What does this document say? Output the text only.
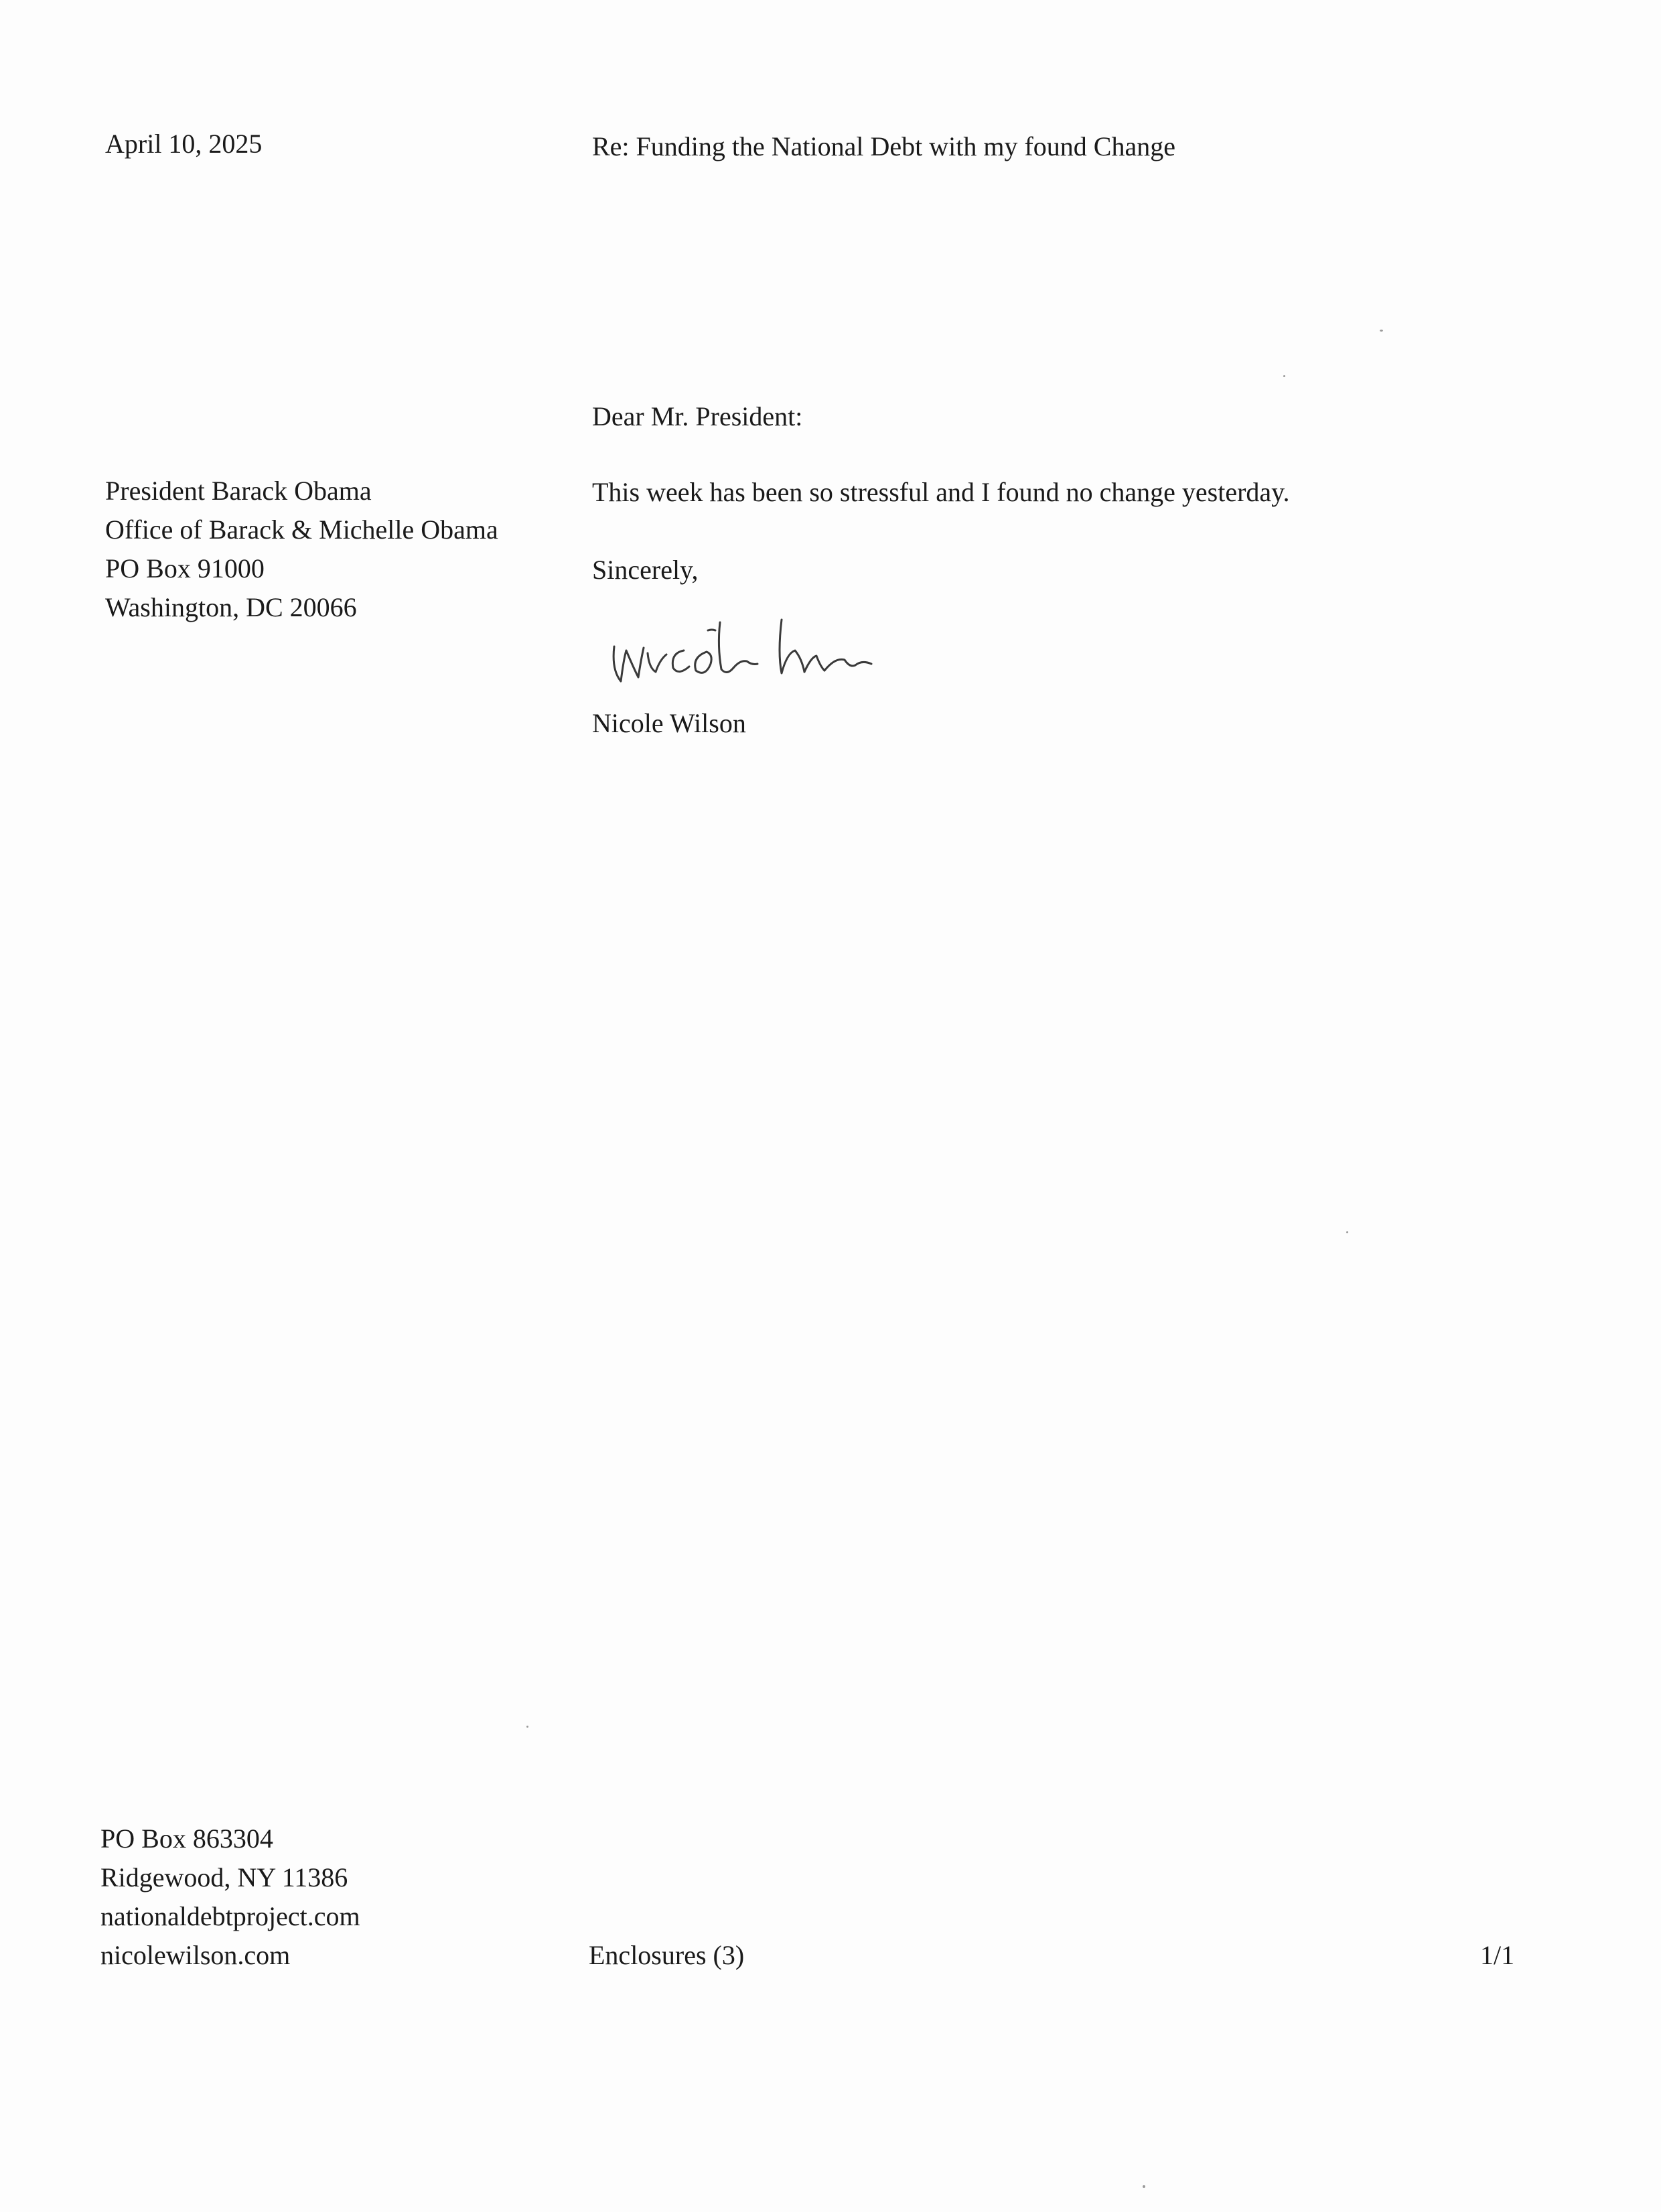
April 10, 2025	Re: Funding the National Debt with my found Change
Dear Mr. President:
President Barack Obama
Office of Barack & Michelle Obama
PO Box 91000
Washington, DC 20066
This week has been so stressful and I found no change yesterday.
Sincerely,
Nicole Wilson
PO Box 863304
Ridgewood, NY 11386
nationaldebtproject.com
nicolewilson.com	Enclosures (3)	1/1
